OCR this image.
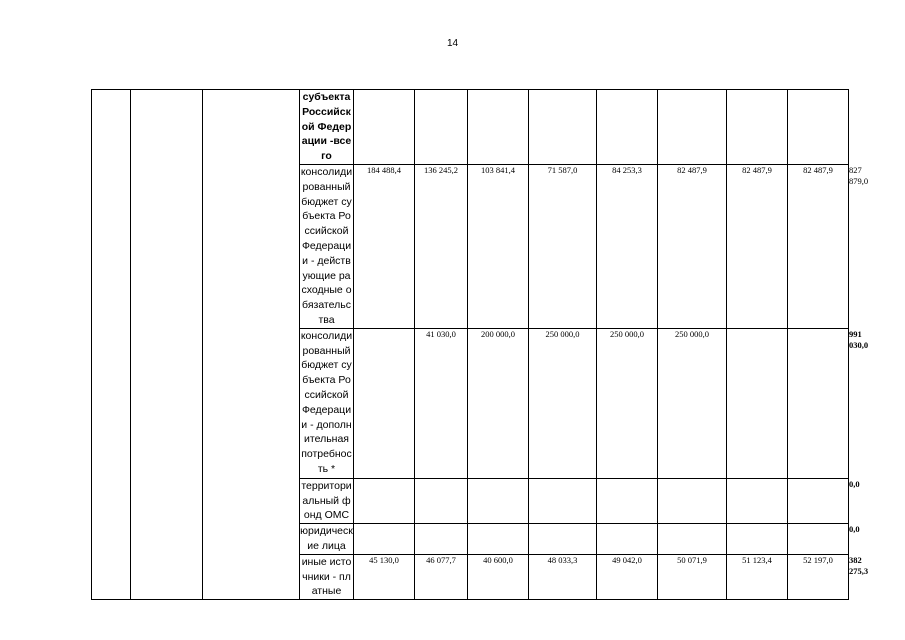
14
			субъекта Российской Федерации -всего									
			консолидированный бюджет субъекта Российской Федерации - действующие расходные обязательства	184 488,4	136 245,2	103 841,4	71 587,0	84 253,3	82 487,9	82 487,9	82 487,9	827 879,0
			консолидированный бюджет субъекта Российской Федерации - дополнительная потребность *		41 030,0	200 000,0	250 000,0	250 000,0	250 000,0			991 030,0
			территориальный фонд ОМС									0,0
			юридические лица									0,0
			иные источники - платные	45 130,0	46 077,7	40 600,0	48 033,3	49 042,0	50 071,9	51 123,4	52 197,0	382 275,3
